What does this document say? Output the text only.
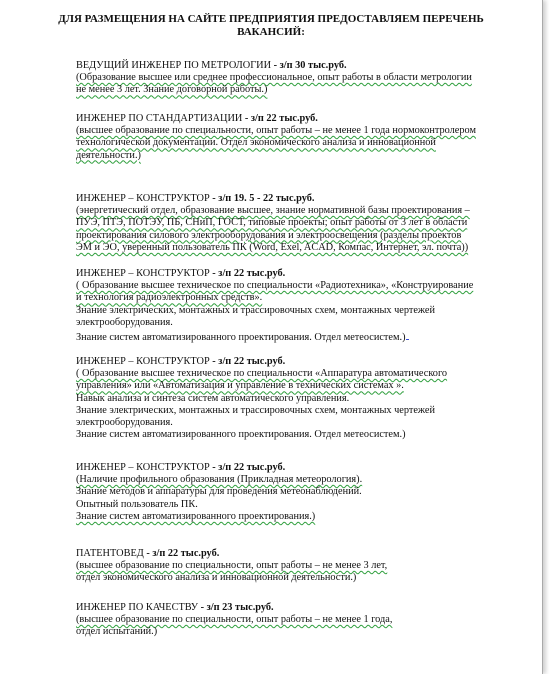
ДЛЯ РАЗМЕЩЕНИЯ НА САЙТЕ ПРЕДПРИЯТИЯ ПРЕДОСТАВЛЯЕМ ПЕРЕЧЕНЬ
ВАКАНСИЙ:
ВЕДУЩИЙ ИНЖЕНЕР ПО МЕТРОЛОГИИ - з/п 30 тыс.руб.
(Образование высшее или среднее профессиональное, опыт работы в области метрологии
не менее 3 лет. Знание договорной работы.)
ИНЖЕНЕР ПО СТАНДАРТИЗАЦИИ - з/п 22 тыс.руб.
(высшее образование по специальности, опыт работы – не менее 1 года нормоконтролером
технологической документации. Отдел экономического анализа и инновационной
деятельности.)
ИНЖЕНЕР – КОНСТРУКТОР - з/п 19. 5 - 22 тыс.руб.
(энергетический отдел, образование высшее, знание нормативной базы проектирования –
ПУЭ, ПТЭ, ПОТЭУ, ПБ, СНиП, ГОСТ, типовые проекты; опыт работы от 3 лет в области
проектирования силового электрооборудования и электроосвещения (разделы проектов
ЭМ и ЭО, уверенный пользователь ПК (Word, Exel, ACAD, Компас, Интернет, эл. почта))
ИНЖЕНЕР – КОНСТРУКТОР - з/п 22 тыс.руб.
( Образование высшее техническое по специальности «Радиотехника», «Конструирование
и технология радиоэлектронных средств».
Знание электрических, монтажных и трассировочных схем, монтажных чертежей
электрооборудования.
Знание систем автоматизированного проектирования. Отдел метеосистем.)
ИНЖЕНЕР – КОНСТРУКТОР - з/п 22 тыс.руб.
( Образование высшее техническое по специальности «Аппаратура автоматического
управления» или «Автоматизация и управление в технических системах ».
Навык анализа и синтеза систем автоматического управления.
Знание электрических, монтажных и трассировочных схем, монтажных чертежей
электрооборудования.
Знание систем автоматизированного проектирования. Отдел метеосистем.)
ИНЖЕНЕР – КОНСТРУКТОР - з/п 22 тыс.руб.
(Наличие профильного образования (Прикладная метеорология).
Знание методов и аппаратуры для проведения метеонаблюдений.
Опытный пользователь ПК.
Знание систем автоматизированного проектирования.)
ПАТЕНТОВЕД - з/п 22 тыс.руб.
(высшее образование по специальности, опыт работы – не менее 3 лет,
отдел экономического анализа и инновационной деятельности.)
ИНЖЕНЕР ПО КАЧЕСТВУ - з/п 23 тыс.руб.
(высшее образование по специальности, опыт работы – не менее 1 года,
отдел испытаний.)
